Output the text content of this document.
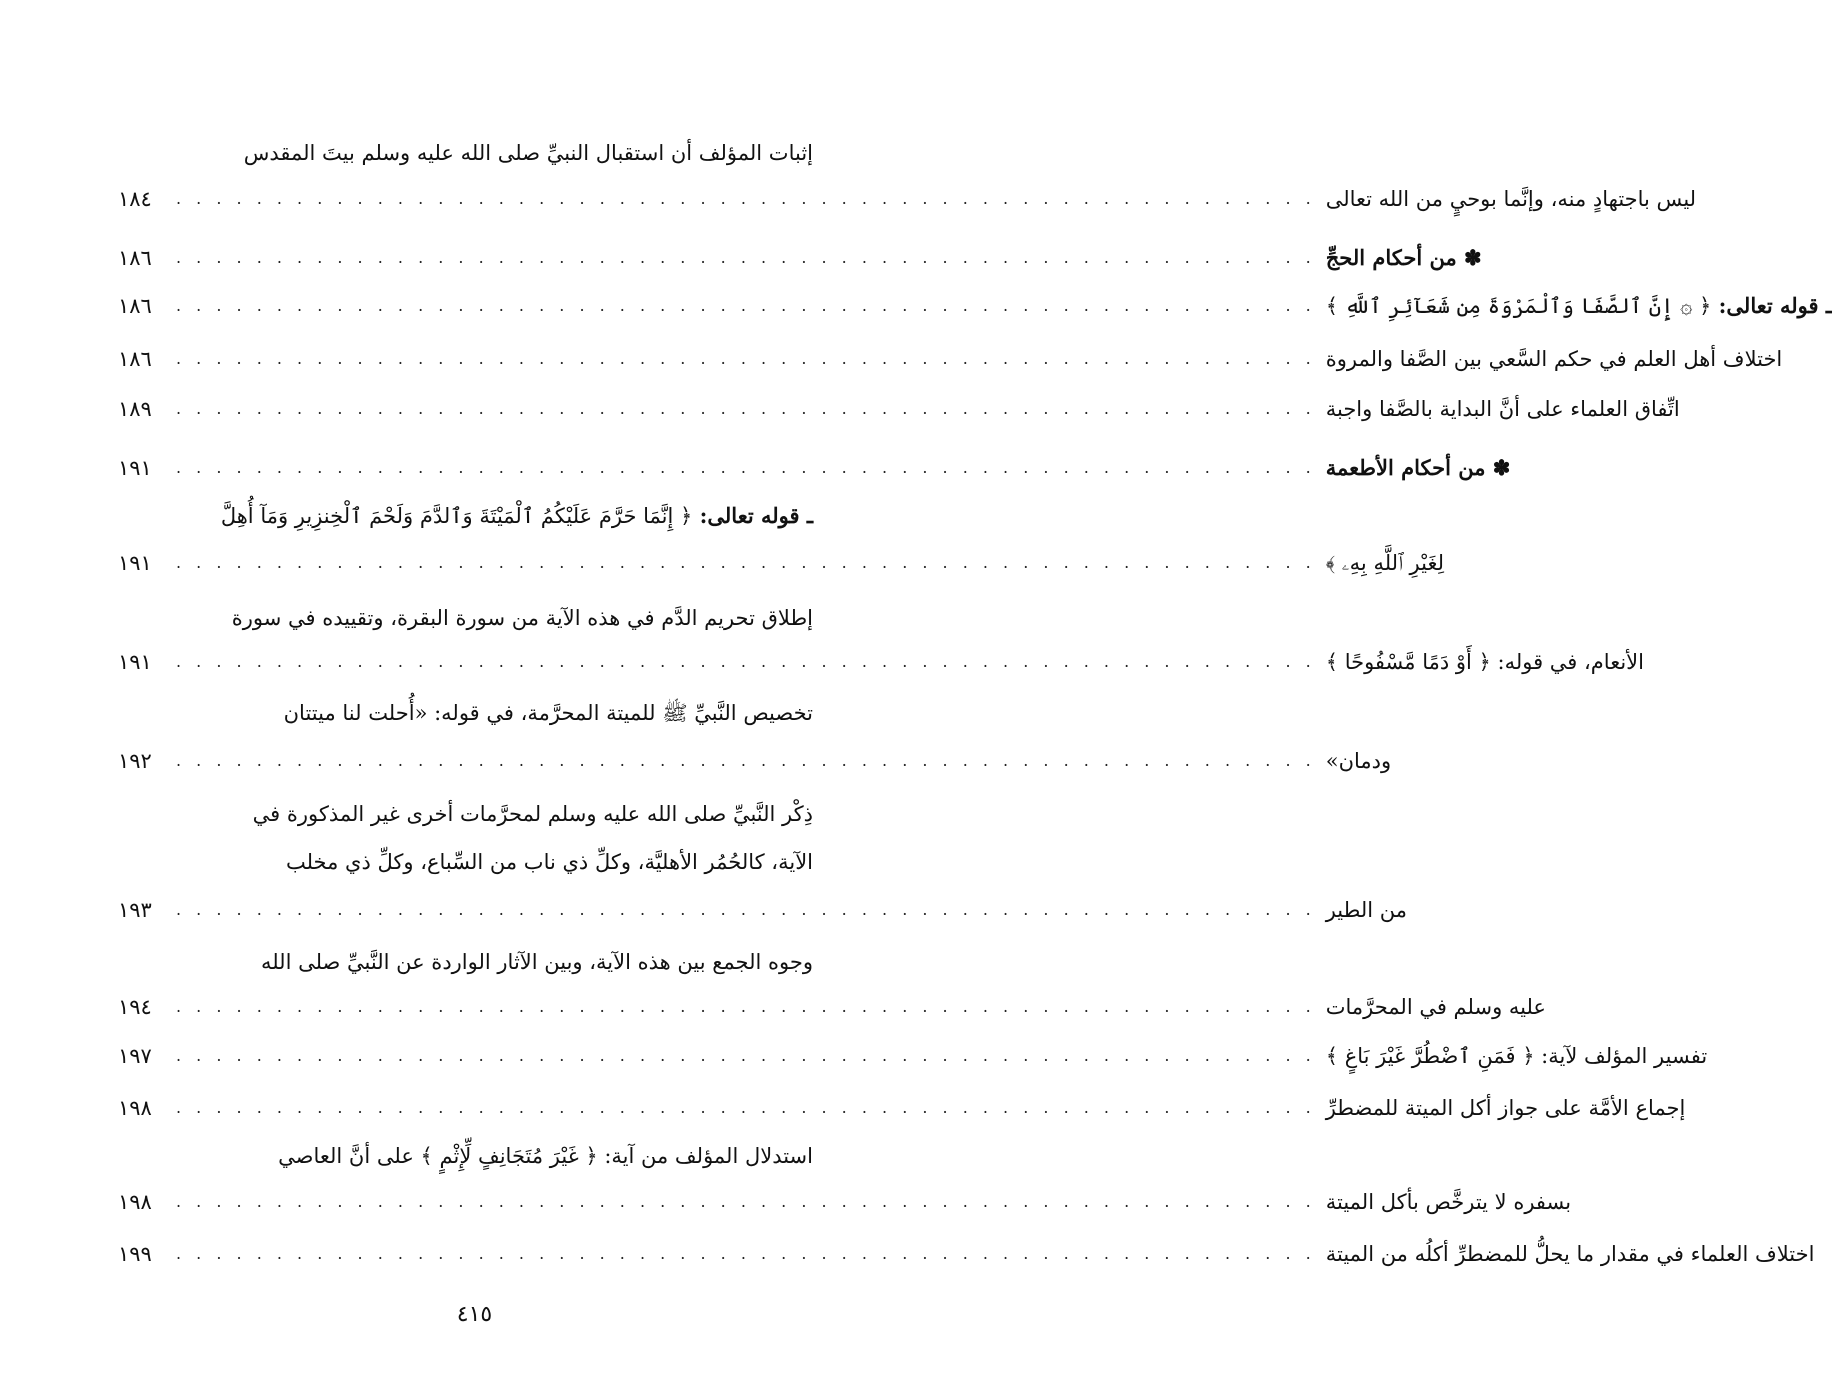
إثبات المؤلف أن استقبال النبيِّ صلى الله عليه وسلم بيتَ المقدس
١٨٤	. . . . . . . . . . . . . . . . . . . . . . . . . . . . . . . . . . . . . . . . . . . . . . . . . . . . . . . . . ليس باجتهادٍ منه، وإنَّما بوحيٍ من الله تعالى
١٨٦	. . . . . . . . . . . . . . . . . . . . . . . . . . . . . . . . . . . . . . . . . . . . . . . . . . . . . . . . . ✽ من أحكام الحجِّ
١٨٦	. . . . . . . . . . . . . . . . . . . . . . . . . . . . . . . . . . . . . . . . . . . . . . . . . . . . . . . . .	ـ قوله تعالى: ﴿ ۞ إِنَّ ٱلصَّفَا وَٱلْمَرْوَةَ مِن شَعَآئِرِ ٱللَّهِ ﴾
١٨٦	. . . . . . . . . . . . . . . . . . . . . . . . . . . . . . . . . . . . . . . . . . . . . . . . . . . . . . . . . اختلاف أهل العلم في حكم السَّعي بين الصَّفا والمروة
١٨٩	. . . . . . . . . . . . . . . . . . . . . . . . . . . . . . . . . . . . . . . . . . . . . . . . . . . . . . . . . اتِّفاق العلماء على أنَّ البداية بالصَّفا واجبة
١٩١	. . . . . . . . . . . . . . . . . . . . . . . . . . . . . . . . . . . . . . . . . . . . . . . . . . . . . . . . . ✽ من أحكام الأطعمة
ـ قوله تعالى: ﴿ إِنَّمَا حَرَّمَ عَلَيْكُمُ ٱلْمَيْتَةَ وَٱلدَّمَ وَلَحْمَ ٱلْخِنزِيرِ وَمَآ أُهِلَّ
١٩١	. . . . . . . . . . . . . . . . . . . . . . . . . . . . . . . . . . . . . . . . . . . . . . . . . . . . . . . . . لِغَيْرِ ٱللَّهِ بِهِۦ ﴾
إطلاق تحريم الدَّم في هذه الآية من سورة البقرة، وتقييده في سورة
١٩١	. . . . . . . . . . . . . . . . . . . . . . . . . . . . . . . . . . . . . . . . . . . . . . . . . . . . . . . . . الأنعام، في قوله: ﴿ أَوْ دَمًا مَّسْفُوحًا ﴾
تخصيص النَّبيِّ ﷺ للميتة المحرَّمة، في قوله: «أُحلت لنا ميتتان
١٩٢	. . . . . . . . . . . . . . . . . . . . . . . . . . . . . . . . . . . . . . . . . . . . . . . . . . . . . . . . . ودمان»
ذِكْر النَّبيِّ صلى الله عليه وسلم لمحرَّمات أخرى غير المذكورة في
الآية، كالحُمُر الأهليَّة، وكلِّ ذي ناب من السِّباع، وكلِّ ذي مخلب
١٩٣	. . . . . . . . . . . . . . . . . . . . . . . . . . . . . . . . . . . . . . . . . . . . . . . . . . . . . . . . . من الطير
وجوه الجمع بين هذه الآية، وبين الآثار الواردة عن النَّبيِّ صلى الله
١٩٤	. . . . . . . . . . . . . . . . . . . . . . . . . . . . . . . . . . . . . . . . . . . . . . . . . . . . . . . . . عليه وسلم في المحرَّمات
١٩٧	. . . . . . . . . . . . . . . . . . . . . . . . . . . . . . . . . . . . . . . . . . . . . . . . . . . . . . . . . تفسير المؤلف لآية: ﴿ فَمَنِ ٱضْطُرَّ غَيْرَ بَاغٍ ﴾
١٩٨	. . . . . . . . . . . . . . . . . . . . . . . . . . . . . . . . . . . . . . . . . . . . . . . . . . . . . . . . . إجماع الأمَّة على جواز أكل الميتة للمضطرِّ
استدلال المؤلف من آية: ﴿ غَيْرَ مُتَجَانِفٍ لِّإِثْمٍ ﴾ على أنَّ العاصي
١٩٨	. . . . . . . . . . . . . . . . . . . . . . . . . . . . . . . . . . . . . . . . . . . . . . . . . . . . . . . . . بسفره لا يترخَّص بأكل الميتة
١٩٩	. . . . . . . . . . . . . . . . . . . . . . . . . . . . . . . . . . . . . . . . . . . . . . . . . . . . . . . . . اختلاف العلماء في مقدار ما يحلُّ للمضطرِّ أكلُه من الميتة
٤١٥
